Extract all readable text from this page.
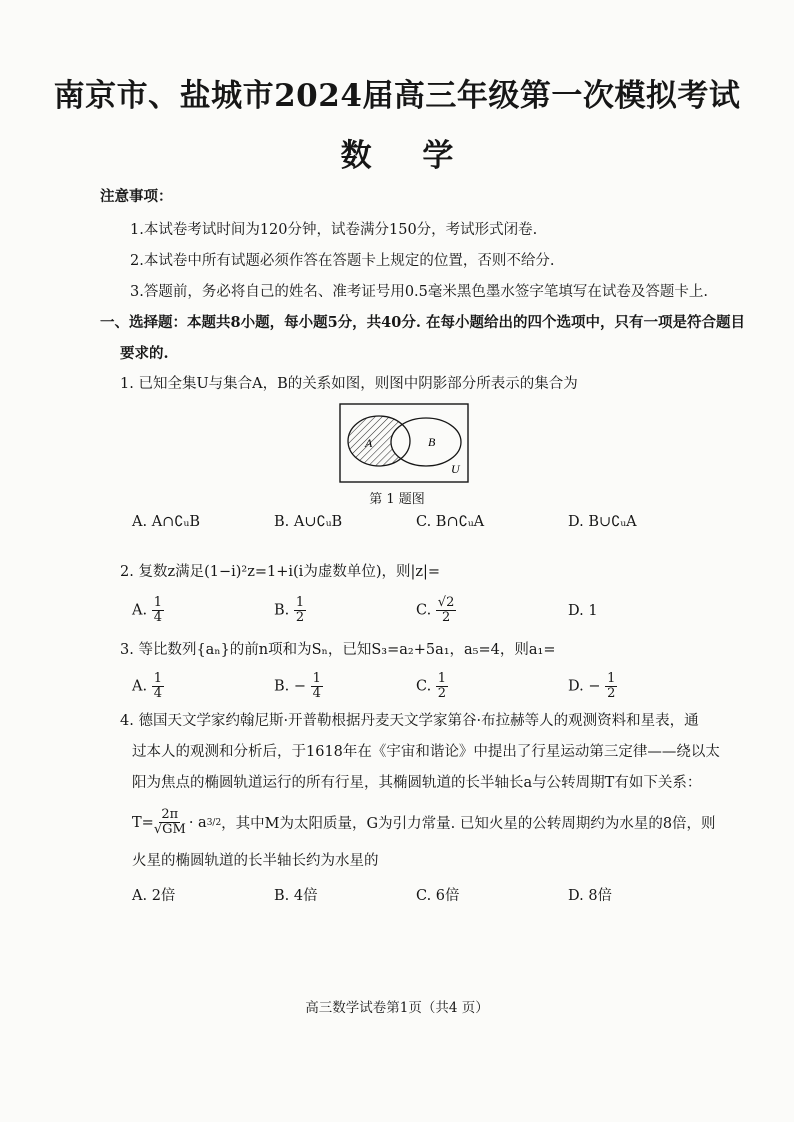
南京市、盐城市2024届高三年级第一次模拟考试
数 学
注意事项：
1.本试卷考试时间为120分钟，试卷满分150分，考试形式闭卷.
2.本试卷中所有试题必须作答在答题卡上规定的位置，否则不给分.
3.答题前，务必将自己的姓名、准考证号用0.5毫米黑色墨水签字笔填写在试卷及答题卡上.
一、选择题：本题共8小题，每小题5分，共40分. 在每小题给出的四个选项中，只有一项是符合题目
要求的.
1. 已知全集U与集合A，B的关系如图，则图中阴影部分所表示的集合为
A	B
U
第 1 题图
A. A∩∁ᵤB	B. A∪∁ᵤB	C. B∩∁ᵤA	D. B∪∁ᵤA
2. 复数z满足(1−i)²z=1+i(i为虚数单位)，则|z|=
A. $\frac{1}{4}$	B. $\frac{1}{2}$	C. $\frac{√2}{2}$	D. 1
3. 等比数列{aₙ}的前n项和为Sₙ，已知S₃=a₂+5a₁，a₅=4，则a₁=
A. $\frac{1}{4}$	B. − $\frac{1}{4}$	C. $\frac{1}{2}$	D. − $\frac{1}{2}$
4. 德国天文学家约翰尼斯·开普勒根据丹麦天文学家第谷·布拉赫等人的观测资料和星表，通
过本人的观测和分析后，于1618年在《宇宙和谐论》中提出了行星运动第三定律——绕以太
阳为焦点的椭圆轨道运行的所有行星，其椭圆轨道的长半轴长a与公转周期T有如下关系：
$T= \frac{2\pi}{√GM} \cdot a$ 3/2 ，其中M为太阳质量，G为引力常量. 已知火星的公转周期约为水星的8倍，则
火星的椭圆轨道的长半轴长约为水星的
A. 2倍	B. 4倍	C. 6倍	D. 8倍
高三数学试卷第1页（共4 页）
